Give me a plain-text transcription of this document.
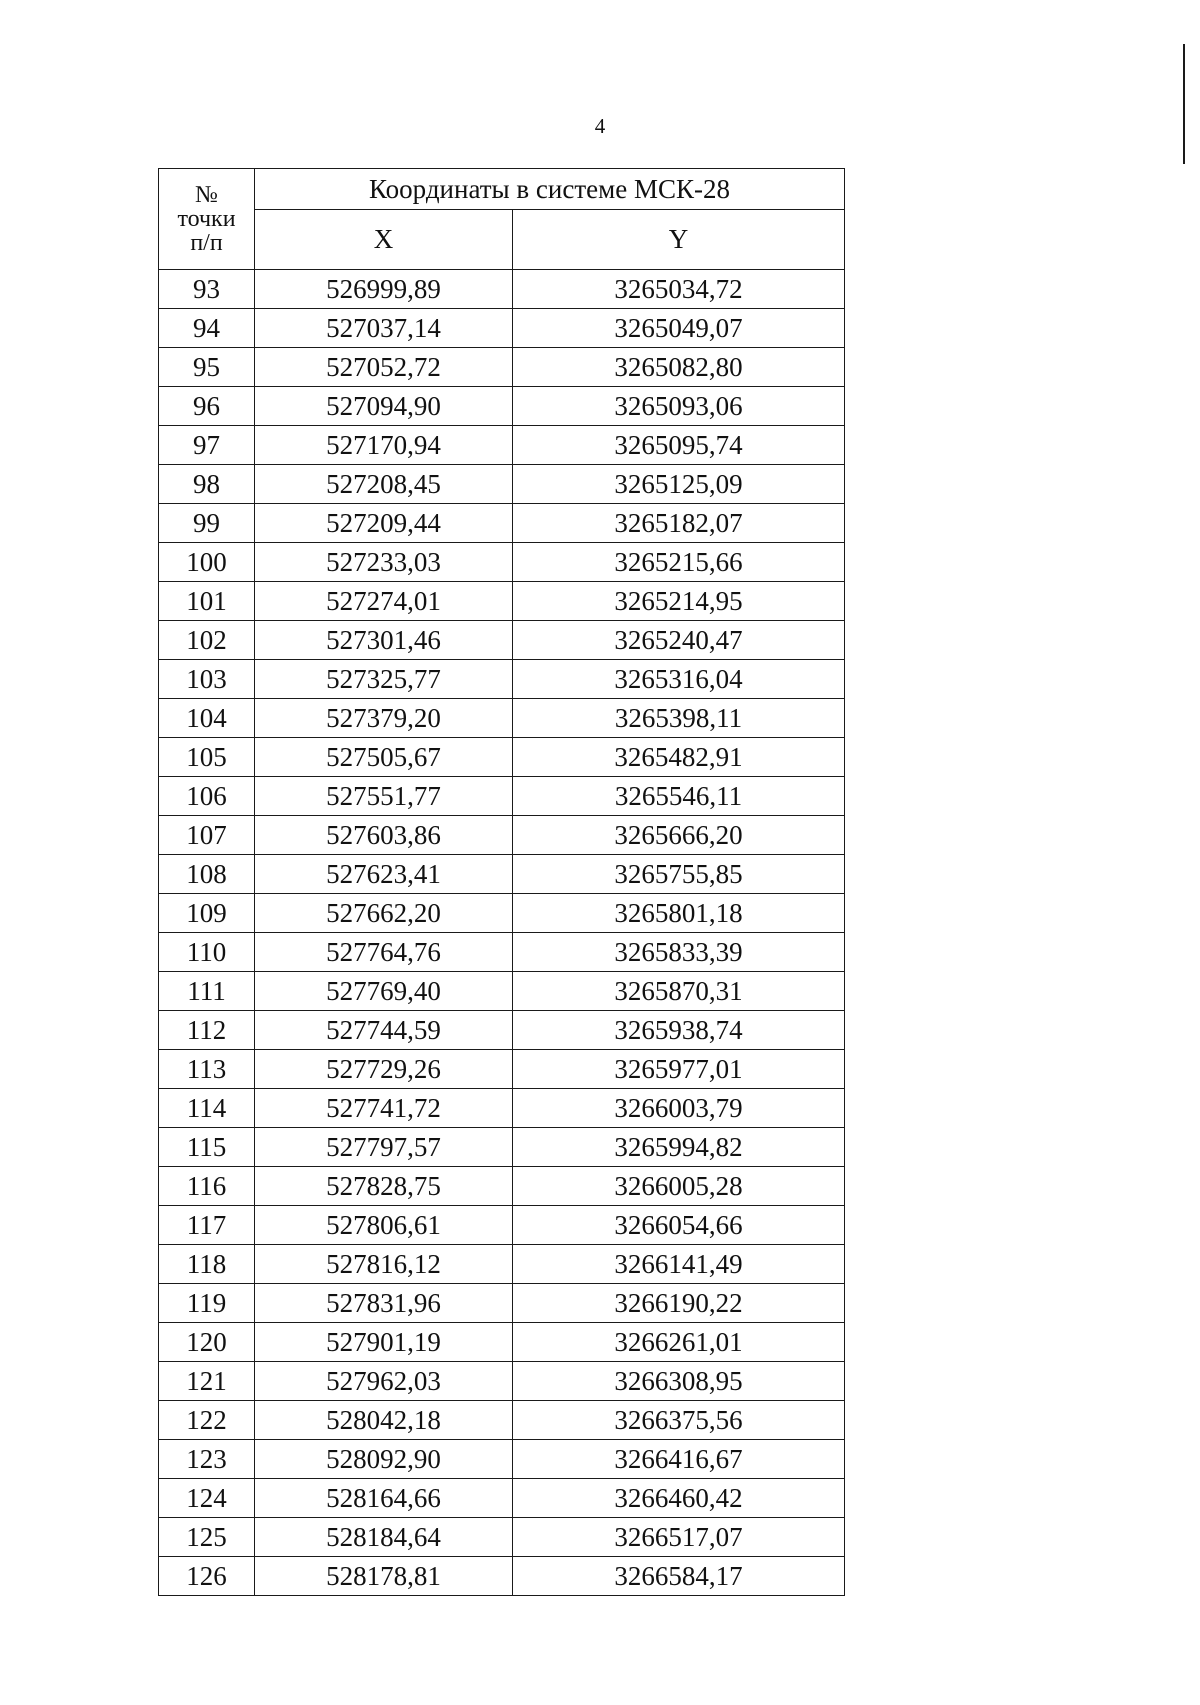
4
№
точки
п/п	Координаты в системе МСК-28	
	X	Y
93	526999,89	3265034,72
94	527037,14	3265049,07
95	527052,72	3265082,80
96	527094,90	3265093,06
97	527170,94	3265095,74
98	527208,45	3265125,09
99	527209,44	3265182,07
100	527233,03	3265215,66
101	527274,01	3265214,95
102	527301,46	3265240,47
103	527325,77	3265316,04
104	527379,20	3265398,11
105	527505,67	3265482,91
106	527551,77	3265546,11
107	527603,86	3265666,20
108	527623,41	3265755,85
109	527662,20	3265801,18
110	527764,76	3265833,39
111	527769,40	3265870,31
112	527744,59	3265938,74
113	527729,26	3265977,01
114	527741,72	3266003,79
115	527797,57	3265994,82
116	527828,75	3266005,28
117	527806,61	3266054,66
118	527816,12	3266141,49
119	527831,96	3266190,22
120	527901,19	3266261,01
121	527962,03	3266308,95
122	528042,18	3266375,56
123	528092,90	3266416,67
124	528164,66	3266460,42
125	528184,64	3266517,07
126	528178,81	3266584,17
